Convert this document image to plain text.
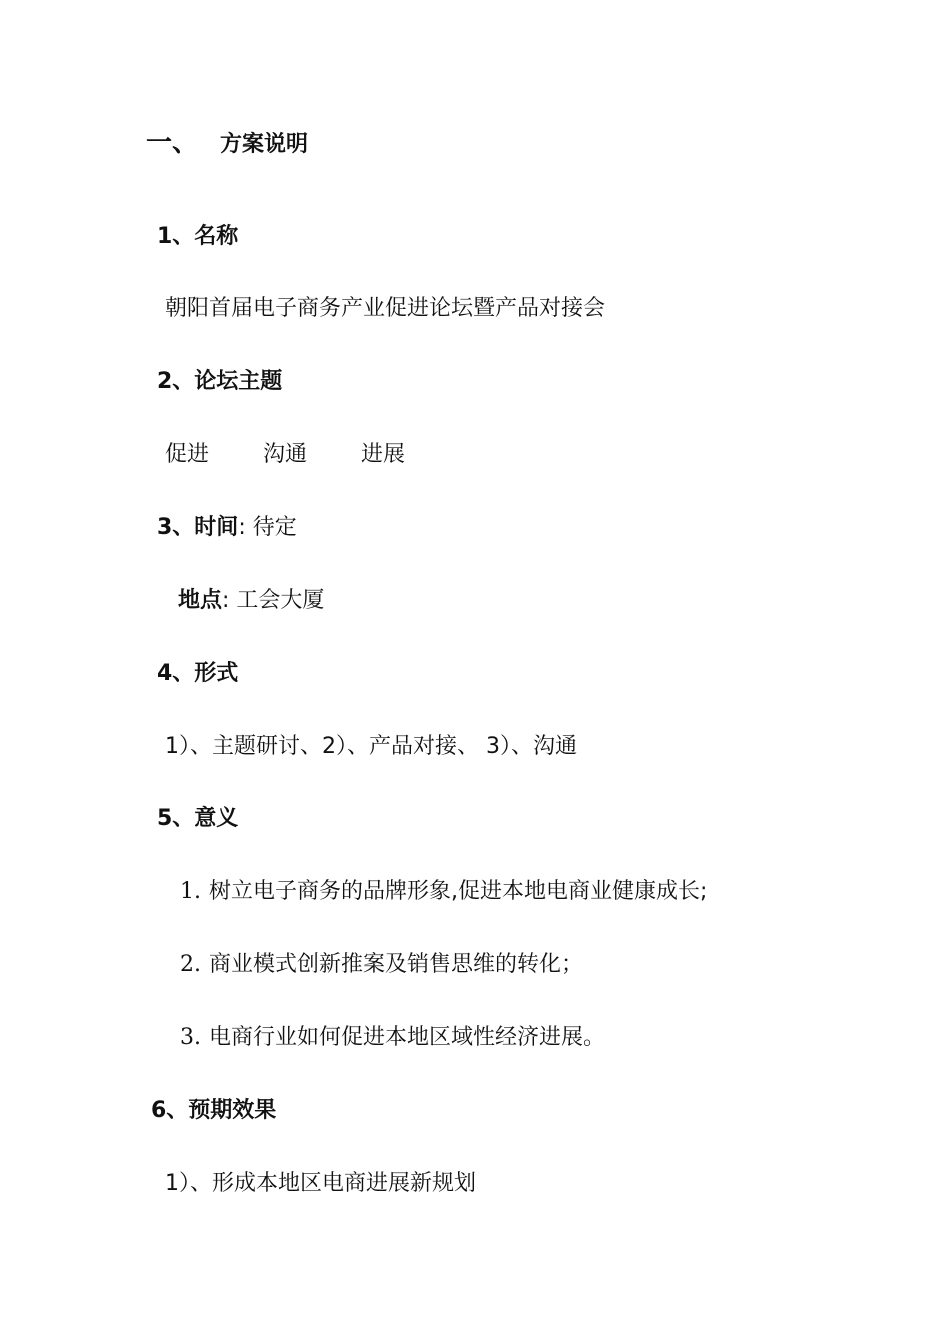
一、 方案说明
1、名称
朝阳首届电子商务产业促进论坛暨产品对接会
2、论坛主题
促进 沟通 进展
3、时间: 待定
地点: 工会大厦
4、形式
1）、主题研讨、2）、产品对接、 3）、沟通
5、意义
1. 树立电子商务的品牌形象,促进本地电商业健康成长;
2. 商业模式创新推案及销售思维的转化；
3. 电商行业如何促进本地区域性经济进展。
6、预期效果
1）、形成本地区电商进展新规划
